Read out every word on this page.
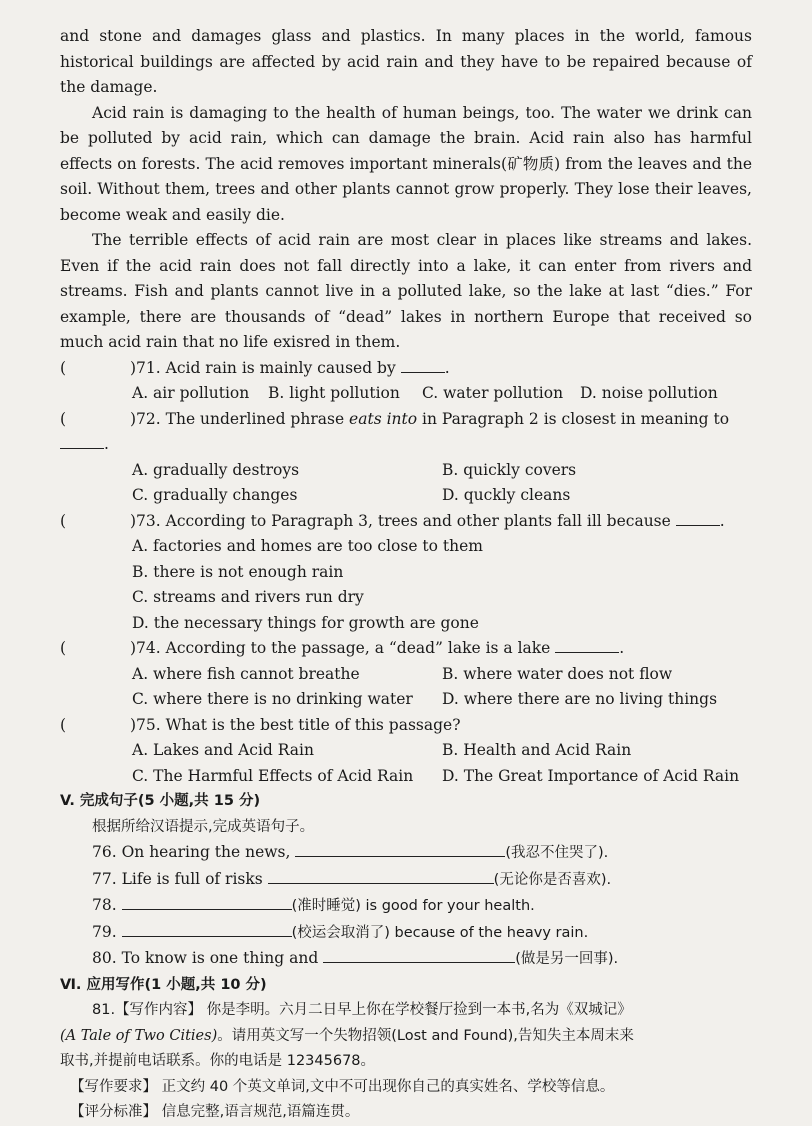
and stone and damages glass and plastics. In many places in the world, famous historical buildings are affected by acid rain and they have to be repaired because of the damage.

Acid rain is damaging to the health of human beings, too. The water we drink can be polluted by acid rain, which can damage the brain. Acid rain also has harmful effects on forests. The acid removes important minerals(矿物质) from the leaves and the soil. Without them, trees and other plants cannot grow properly. They lose their leaves, become weak and easily die.

The terrible effects of acid rain are most clear in places like streams and lakes. Even if the acid rain does not fall directly into a lake, it can enter from rivers and streams. Fish and plants cannot live in a polluted lake, so the lake at last “dies.” For example, there are thousands of “dead” lakes in northern Europe that received so much acid rain that no life exisred in them.

(	)71. Acid rain is mainly caused by	.
A. air pollution	B. light pollution	C. water pollution	D. noise pollution
(	)72. The underlined phrase eats into in Paragraph 2 is closest in meaning to .
A. gradually destroys	B. quickly covers
C. gradually changes	D. quckly cleans
(	)73. According to Paragraph 3, trees and other plants fall ill because	.
A. factories and homes are too close to them
B. there is not enough rain
C. streams and rivers run dry
D. the necessary things for growth are gone
(	)74. According to the passage, a “dead” lake is a lake	.
A. where fish cannot breathe	B. where water does not flow
C. where there is no drinking water	D. where there are no living things
(	)75. What is the best title of this passage?
A. Lakes and Acid Rain	B. Health and Acid Rain
C. The Harmful Effects of Acid Rain	D. The Great Importance of Acid Rain
V. 完成句子(5 小题,共 15 分)
根据所给汉语提示,完成英语句子。
76. On hearing the news,	(我忍不住哭了).
77. Life is full of risks	(无论你是否喜欢).
78.	(准时睡觉) is good for your health.
79.	(校运会取消了) because of the heavy rain.
80. To know is one thing and	(做是另一回事).
Ⅵ. 应用写作(1 小题,共 10 分)
81.【写作内容】 你是李明。六月二日早上你在学校餐厅捡到一本书,名为《双城记》
(A Tale of Two Cities)。请用英文写一个失物招领(Lost and Found),告知失主本周末来
取书,并提前电话联系。你的电话是 12345678。
【写作要求】 正文约 40 个英文单词,文中不可出现你自己的真实姓名、学校等信息。
【评分标准】 信息完整,语言规范,语篇连贯。
